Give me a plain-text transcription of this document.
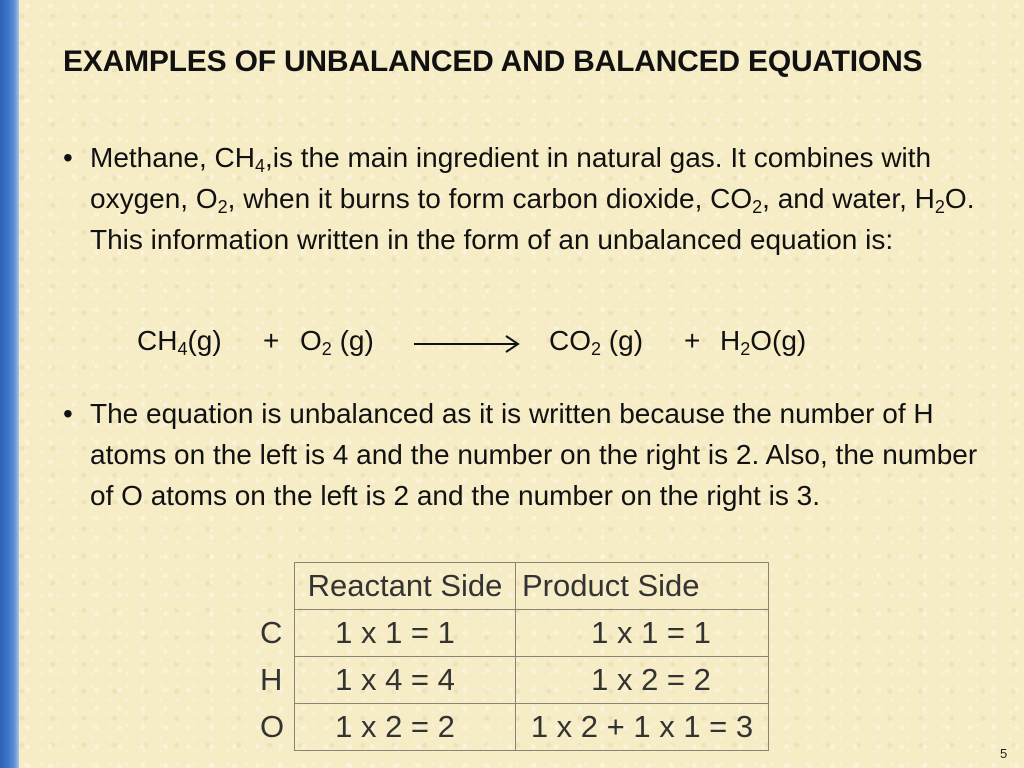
EXAMPLES OF UNBALANCED AND BALANCED EQUATIONS
• Methane, $CH_4,is$ the main ingredient in natural gas. It combines with oxygen, $O_2$, when it burns to form carbon dioxide, $CO_2$, and water, $H_2O$. This information written in the form of an unbalanced equation is:
$CH_4(g) + O_2$ $(g) \to CO_2$ $(g) + H_2O(g)$
• The equation is unbalanced as it is written because the number of H atoms on the left is 4 and the number on the right is 2. Also, the number of O atoms on the left is 2 and the number on the right is 3.
	Reactant Side	Product Side
C	1 x 1 = 1	1 x 1 = 1
H	1 x 4 = 4	1 x 2 = 2
O	1 x 2 = 2	1 x 2 + 1 x 1 = 3
5
